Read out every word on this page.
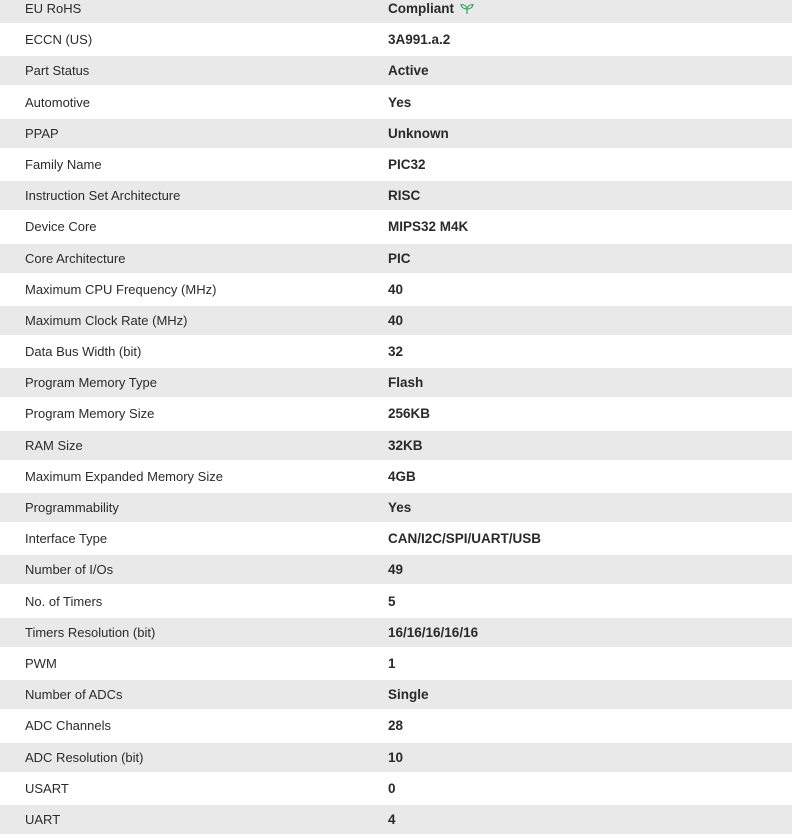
EU RoHS	Compliant
ECCN (US)	3A991.a.2
Part Status	Active
Automotive	Yes
PPAP	Unknown
Family Name	PIC32
Instruction Set Architecture	RISC
Device Core	MIPS32 M4K
Core Architecture	PIC
Maximum CPU Frequency (MHz)	40
Maximum Clock Rate (MHz)	40
Data Bus Width (bit)	32
Program Memory Type	Flash
Program Memory Size	256KB
RAM Size	32KB
Maximum Expanded Memory Size	4GB
Programmability	Yes
Interface Type	CAN/I2C/SPI/UART/USB
Number of I/Os	49
No. of Timers	5
Timers Resolution (bit)	16/16/16/16/16
PWM	1
Number of ADCs	Single
ADC Channels	28
ADC Resolution (bit)	10
USART	0
UART	4
